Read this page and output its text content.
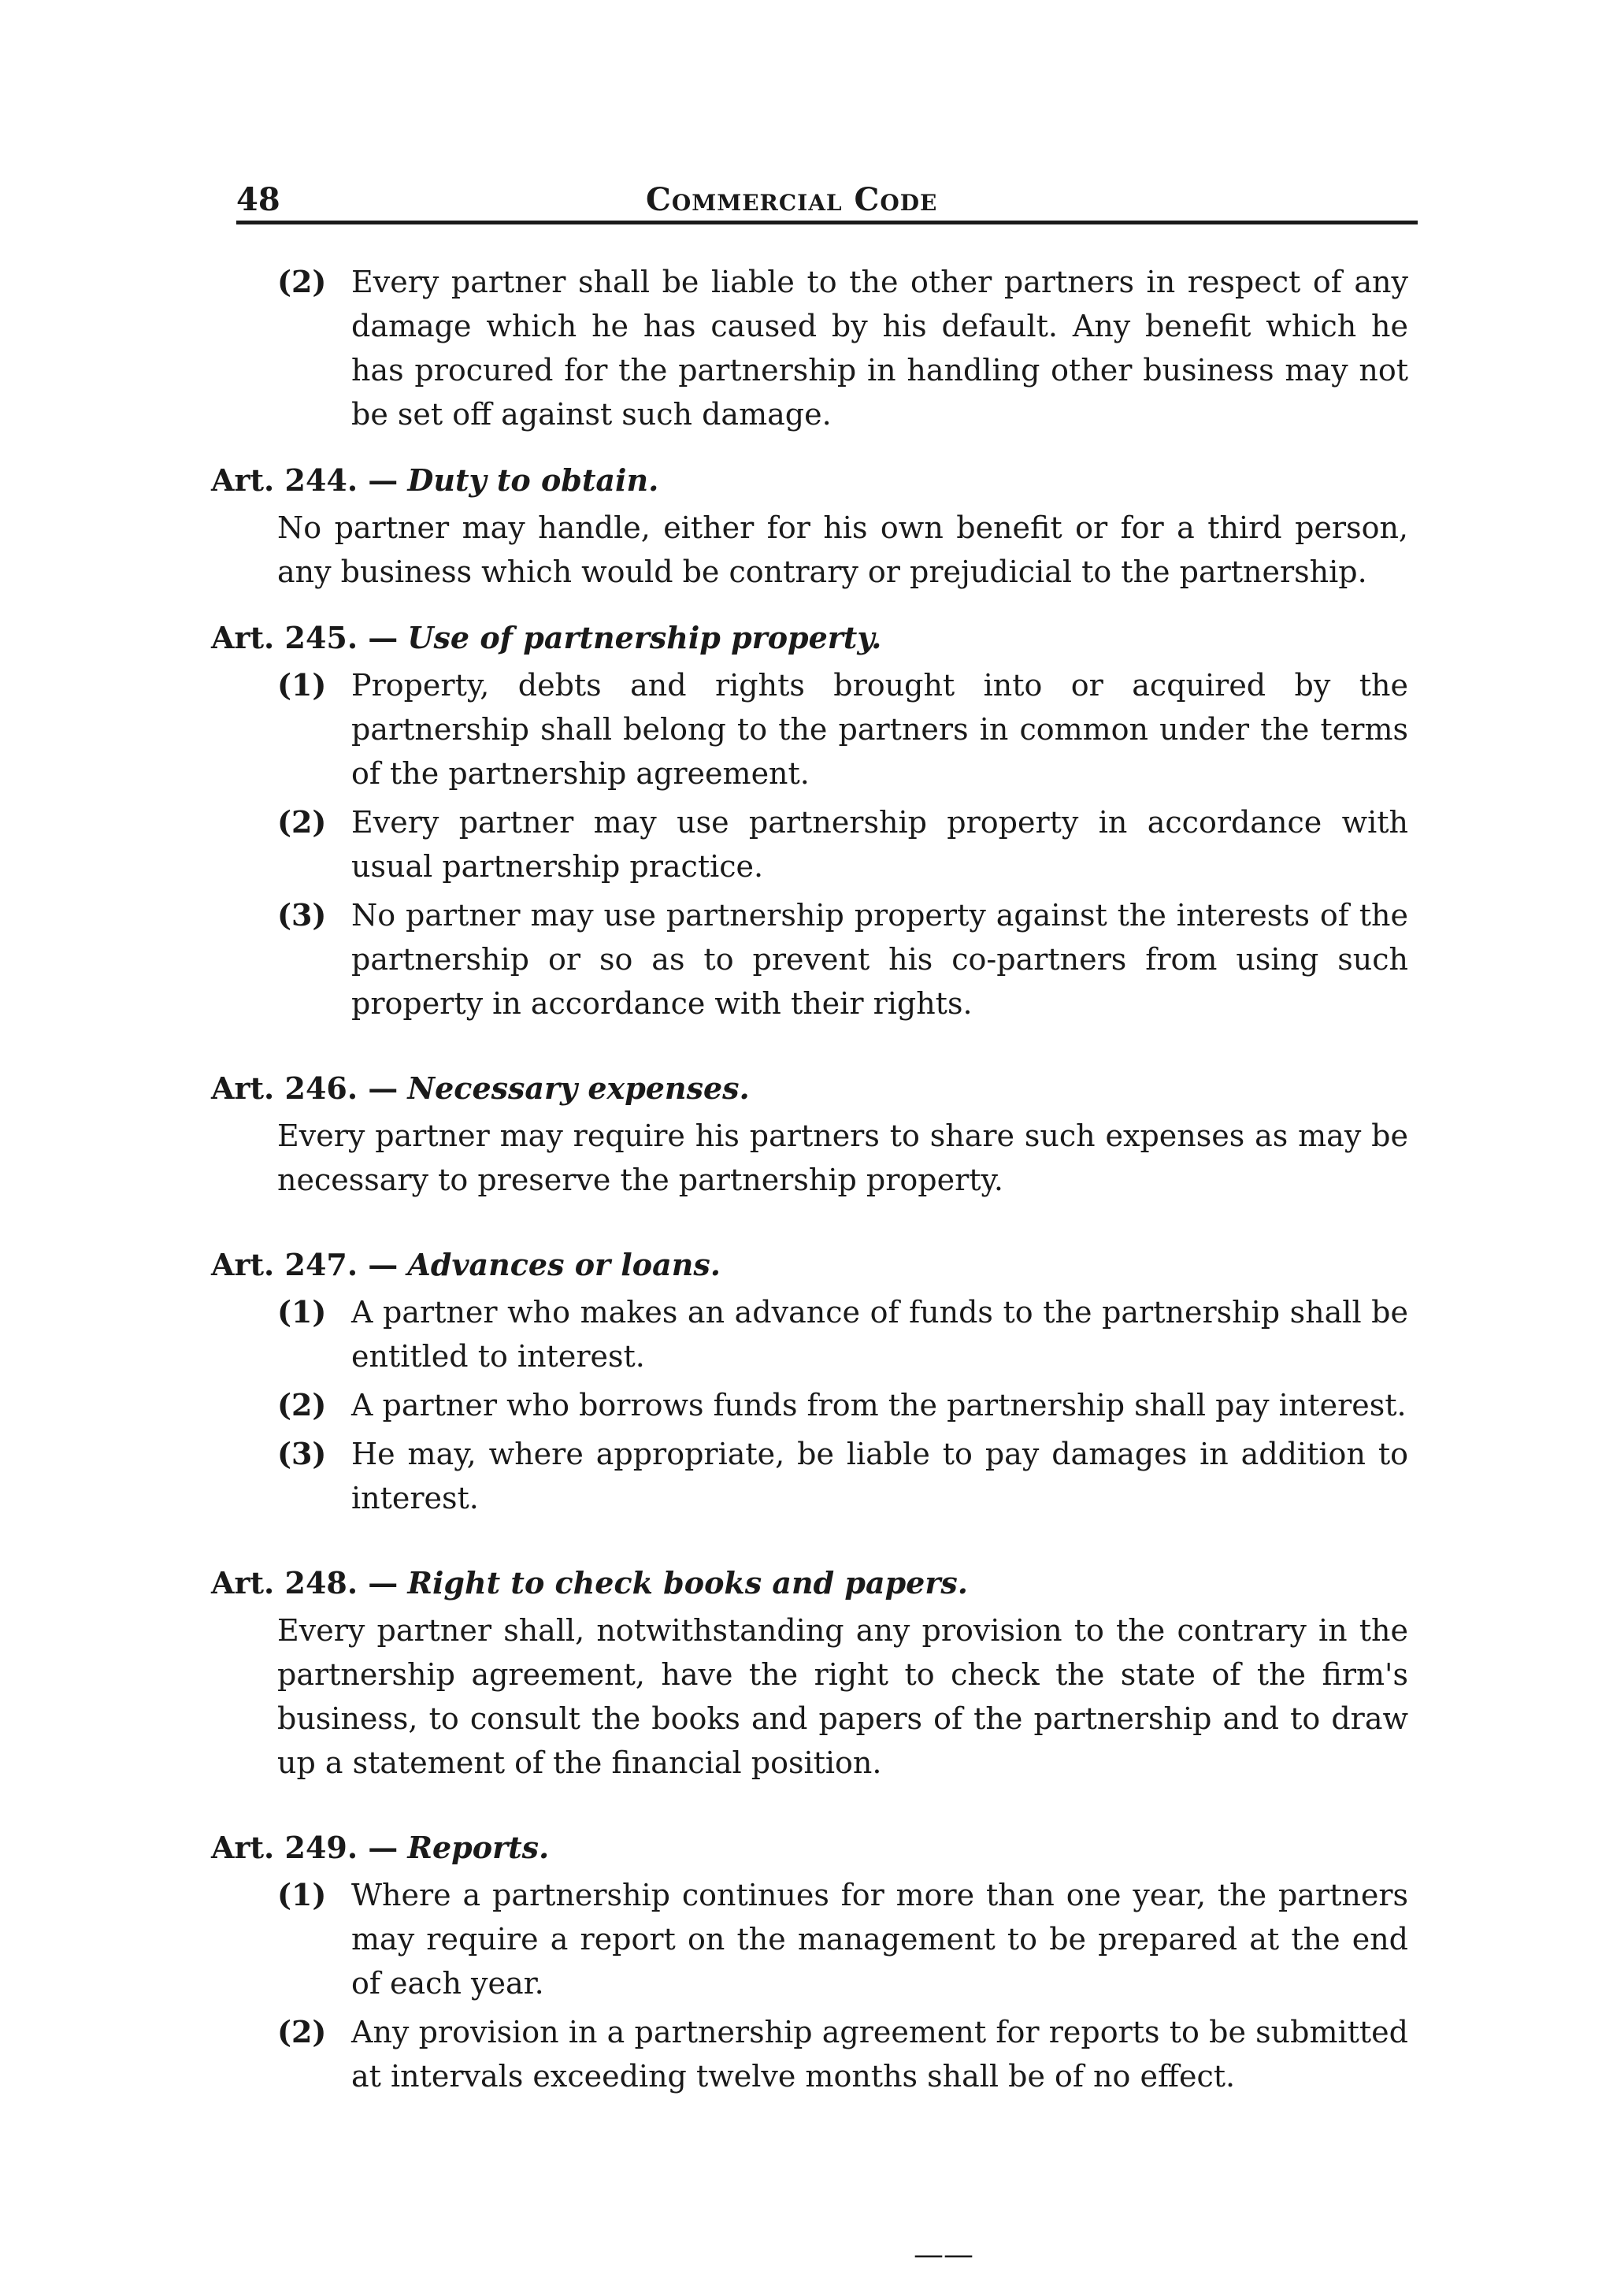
48	Commercial Code
(2) Every partner shall be liable to the other partners in respect of any damage which he has caused by his default. Any benefit which he has procured for the partnership in handling other business may not be set off against such damage.
Art. 244. — Duty to obtain.
No partner may handle, either for his own benefit or for a third person, any business which would be contrary or prejudicial to the partnership.
Art. 245. — Use of partnership property.
(1) Property, debts and rights brought into or acquired by the partnership shall belong to the partners in common under the terms of the partnership agreement.
(2) Every partner may use partnership property in accordance with usual partnership practice.
(3) No partner may use partnership property against the interests of the partnership or so as to prevent his co-partners from using such property in accordance with their rights.
Art. 246. — Necessary expenses.
Every partner may require his partners to share such expenses as may be necessary to preserve the partnership property.
Art. 247. — Advances or loans.
(1) A partner who makes an advance of funds to the partnership shall be entitled to interest.
(2) A partner who borrows funds from the partnership shall pay interest.
(3) He may, where appropriate, be liable to pay damages in addition to interest.
Art. 248. — Right to check books and papers.
Every partner shall, notwithstanding any provision to the contrary in the partnership agreement, have the right to check the state of the firm's business, to consult the books and papers of the partnership and to draw up a statement of the financial position.
Art. 249. — Reports.
(1) Where a partnership continues for more than one year, the partners may require a report on the management to be prepared at the end of each year.
(2) Any provision in a partnership agreement for reports to be submitted at intervals exceeding twelve months shall be of no effect.
——
